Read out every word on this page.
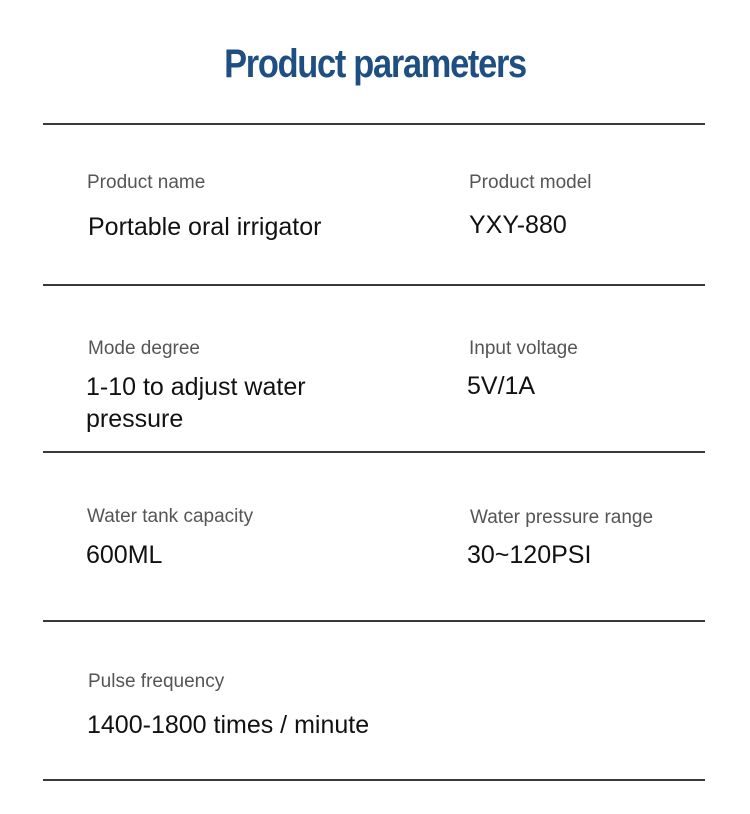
Product parameters
Product name
Portable oral irrigator
Product model
YXY-880
Mode degree
1-10 to adjust water pressure
Input voltage
5V/1A
Water tank capacity
600ML
Water pressure range
30~120PSI
Pulse frequency
1400-1800 times / minute
